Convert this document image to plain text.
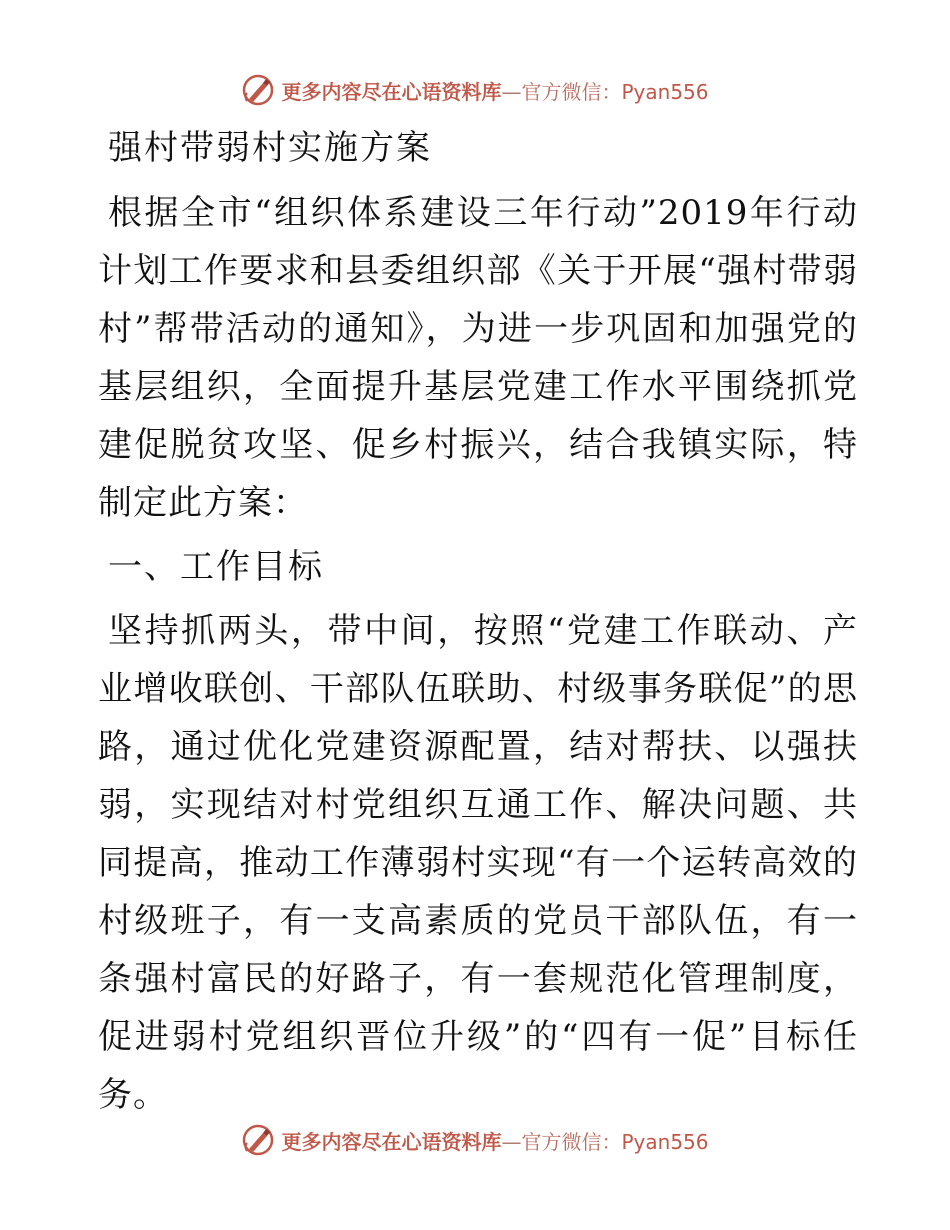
更多内容尽在心语资料库—官方微信：Pyan556
强村带弱村实施方案

根据全市“组织体系建设三年行动”2019年行动计划工作要求和县委组织部《关于开展“强村带弱村”帮带活动的通知》，为进一步巩固和加强党的基层组织，全面提升基层党建工作水平围绕抓党建促脱贫攻坚、促乡村振兴，结合我镇实际，特制定此方案：

一、工作目标

坚持抓两头，带中间，按照“党建工作联动、产业增收联创、干部队伍联助、村级事务联促”的思路，通过优化党建资源配置，结对帮扶、以强扶弱，实现结对村党组织互通工作、解决问题、共同提高，推动工作薄弱村实现“有一个运转高效的村级班子，有一支高素质的党员干部队伍，有一条强村富民的好路子，有一套规范化管理制度，促进弱村党组织晋位升级”的“四有一促”目标任务。

更多内容尽在心语资料库—官方微信：Pyan556
